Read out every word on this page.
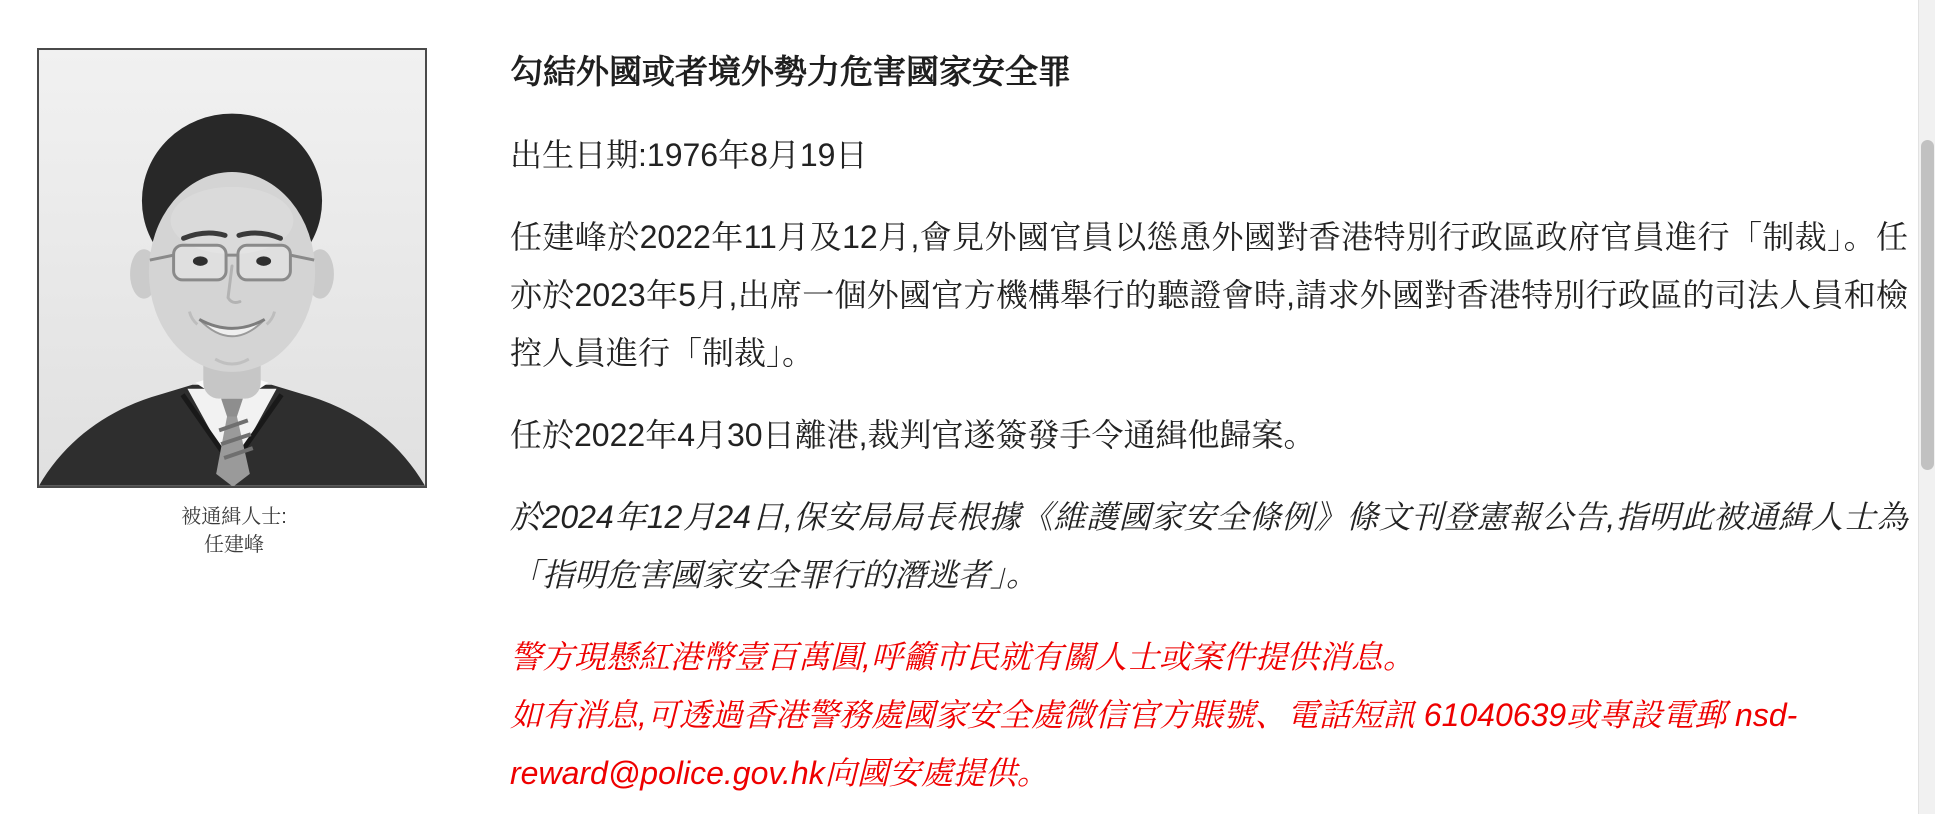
被通緝人士:
任建峰
勾結外國或者境外勢力危害國家安全罪

出生日期:1976年8月19日

任建峰於2022年11月及12月,會見外國官員以慫恿外國對香港特別行政區政府官員進行「制裁」。任亦於2023年5月,出席一個外國官方機構舉行的聽證會時,請求外國對香港特別行政區的司法人員和檢控人員進行「制裁」。

任於2022年4月30日離港,裁判官遂簽發手令通緝他歸案。

於2024年12月24日,保安局局長根據《維護國家安全條例》條文刊登憲報公告,指明此被通緝人士為「指明危害國家安全罪行的潛逃者」。

警方現懸紅港幣壹百萬圓,呼籲市民就有關人士或案件提供消息。
如有消息,可透過香港警務處國家安全處微信官方賬號、電話短訊 61040639或專設電郵 nsd-reward@police.gov.hk向國安處提供。
